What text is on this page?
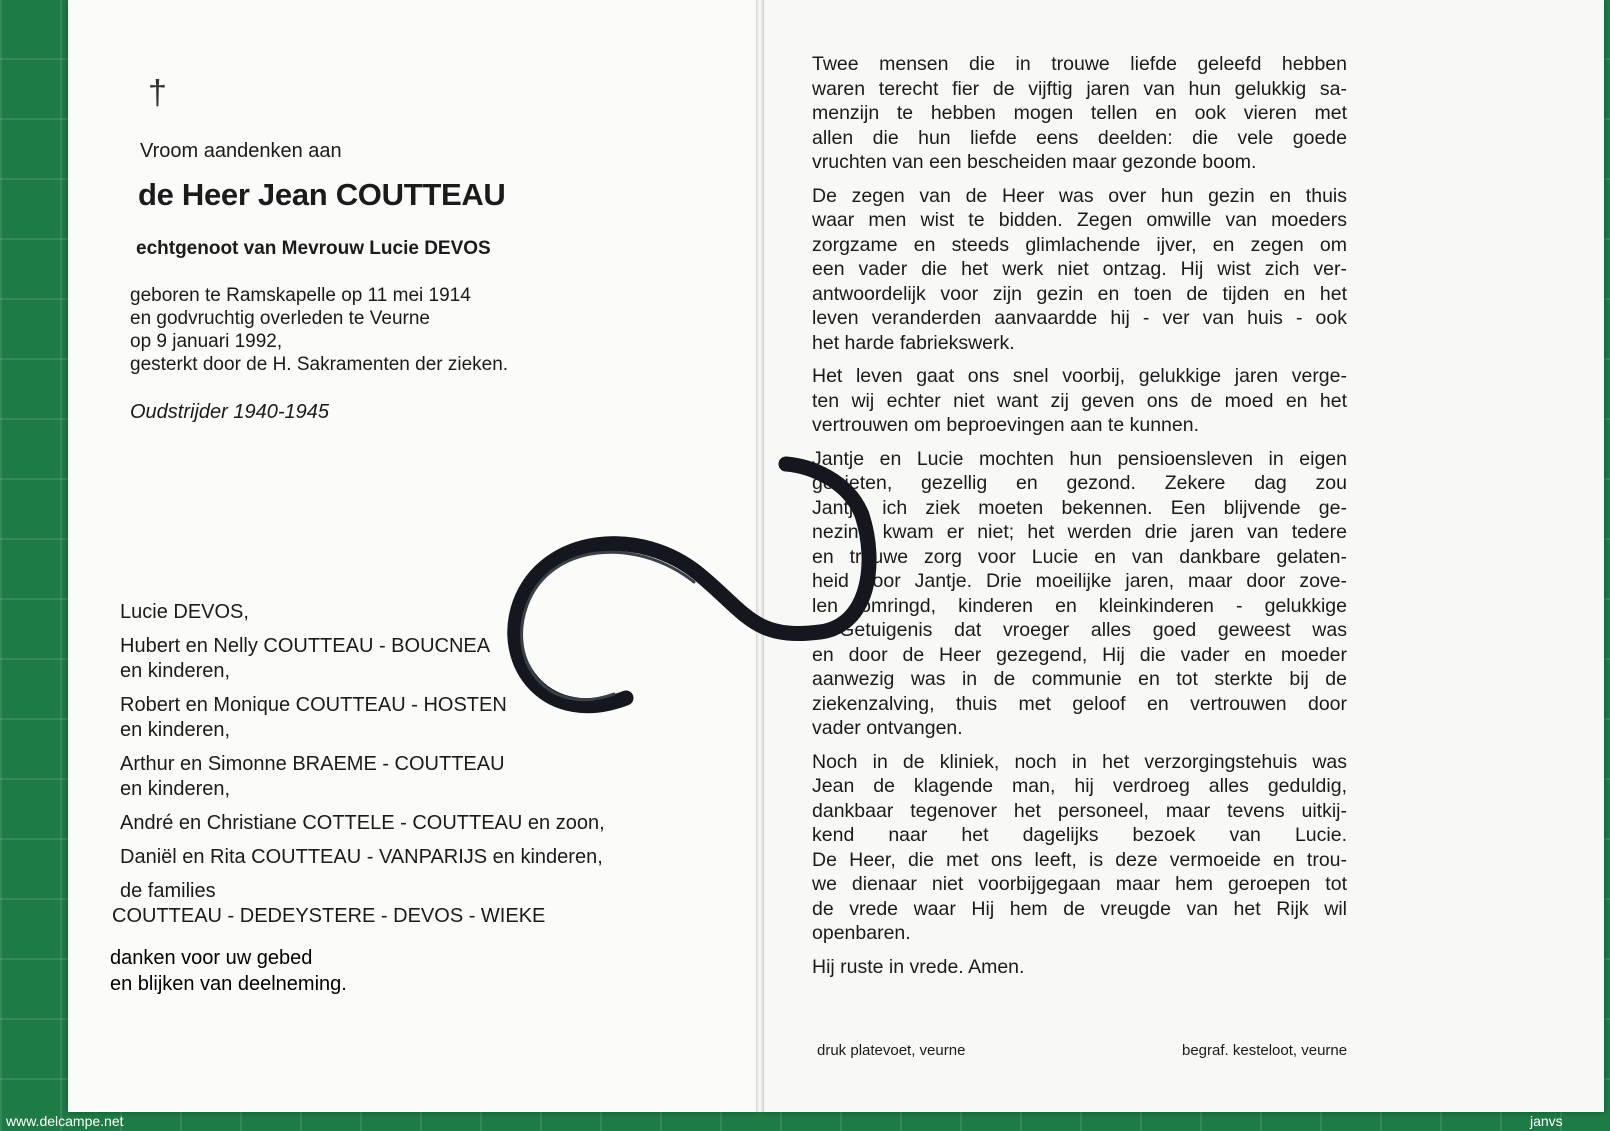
†
Vroom aandenken aan
de Heer Jean COUTTEAU
echtgenoot van Mevrouw Lucie DEVOS
geboren te Ramskapelle op 11 mei 1914
en godvruchtig overleden te Veurne
op 9 januari 1992,
gesterkt door de H. Sakramenten der zieken.
Oudstrijder 1940-1945
Lucie DEVOS,
Hubert en Nelly COUTTEAU - BOUCNEA
en kinderen,
Robert en Monique COUTTEAU - HOSTEN
en kinderen,
Arthur en Simonne BRAEME - COUTTEAU
en kinderen,
André en Christiane COTTELE - COUTTEAU en zoon,
Daniël en Rita COUTTEAU - VANPARIJS en kinderen,
de families
COUTTEAU - DEDEYSTERE - DEVOS - WIEKE
danken voor uw gebed
en blijken van deelneming.
Twee mensen die in trouwe liefde geleefd hebben
waren terecht fier de vijftig jaren van hun gelukkig sa-
menzijn te hebben mogen tellen en ook vieren met
allen die hun liefde eens deelden: die vele goede
vruchten van een bescheiden maar gezonde boom.
De zegen van de Heer was over hun gezin en thuis
waar men wist te bidden. Zegen omwille van moeders
zorgzame en steeds glimlachende ijver, en zegen om
een vader die het werk niet ontzag. Hij wist zich ver-
antwoordelijk voor zijn gezin en toen de tijden en het
leven veranderden aanvaardde hij - ver van huis - ook
het harde fabriekswerk.
Het leven gaat ons snel voorbij, gelukkige jaren verge-
ten wij echter niet want zij geven ons de moed en het
vertrouwen om beproevingen aan te kunnen.
Jantje en Lucie mochten hun pensioensleven in eigen
genieten, gezellig en gezond. Zekere dag zou
Jantje ich ziek moeten bekennen. Een blijvende ge-
nezing kwam er niet; het werden drie jaren van tedere
en trouwe zorg voor Lucie en van dankbare gelaten-
heid voor Jantje. Drie moeilijke jaren, maar door zove-
len omringd, kinderen en kleinkinderen - gelukkige
. Getuigenis dat vroeger alles goed geweest was
en door de Heer gezegend, Hij die vader en moeder
aanwezig was in de communie en tot sterkte bij de
ziekenzalving, thuis met geloof en vertrouwen door
vader ontvangen.
Noch in de kliniek, noch in het verzorgingstehuis was
Jean de klagende man, hij verdroeg alles geduldig,
dankbaar tegenover het personeel, maar tevens uitkij-
kend naar het dagelijks bezoek van Lucie.
De Heer, die met ons leeft, is deze vermoeide en trou-
we dienaar niet voorbijgegaan maar hem geroepen tot
de vrede waar Hij hem de vreugde van het Rijk wil
openbaren.
Hij ruste in vrede. Amen.
druk platevoet, veurne	begraf. kesteloot, veurne
www.delcampe.net	janvs
